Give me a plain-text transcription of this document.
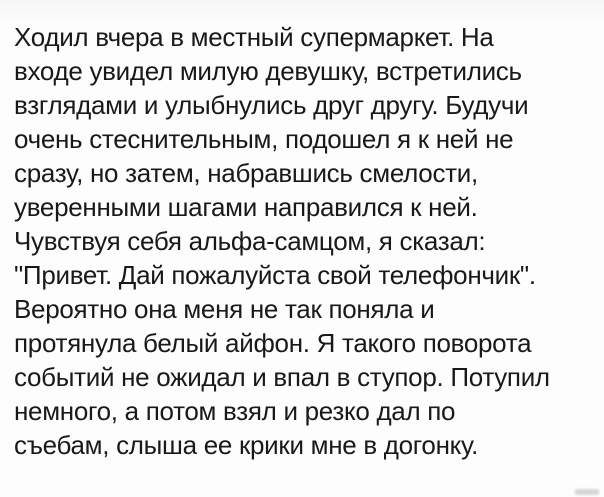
Ходил вчера в местный супермаркет. На
входе увидел милую девушку, встретились
взглядами и улыбнулись друг другу. Будучи
очень стеснительным, подошел я к ней не
сразу, но затем, набравшись смелости,
уверенными шагами направился к ней.
Чувствуя себя альфа-самцом, я сказал:
"Привет. Дай пожалуйста свой телефончик".
Вероятно она меня не так поняла и
протянула белый айфон. Я такого поворота
событий не ожидал и впал в ступор. Потупил
немного, а потом взял и резко дал по
съебам, слыша ее крики мне в догонку.
